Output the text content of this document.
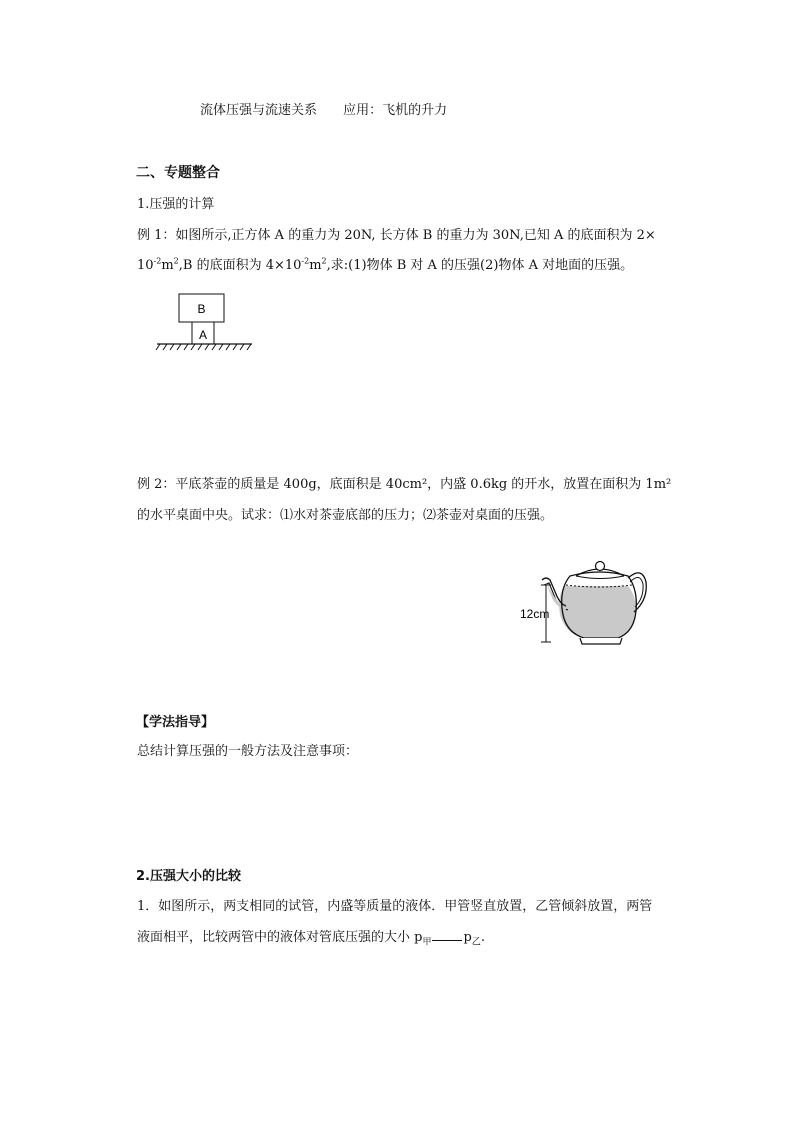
流体压强与流速关系 应用：飞机的升力
二、专题整合
1.压强的计算
例 1：如图所示,正方体 A 的重力为 20N, 长方体 B 的重力为 30N,已知 A 的底面积为 2×
$10^{-2}m^2,B$ 的底面积为 $4\times 10^{-2}m^2$,求:(1)物体 B 对 A 的压强(2)物体 A 对地面的压强。
B
A
例 2：平底茶壶的质量是 400g，底面积是 40cm²，内盛 0.6kg 的开水，放置在面积为 1m²
的水平桌面中央。试求：⑴水对茶壶底部的压力；⑵茶壶对桌面的压强。
12cm
【学法指导】
总结计算压强的一般方法及注意事项：
2.压强大小的比较
1．如图所示，两支相同的试管，内盛等质量的液体．甲管竖直放置，乙管倾斜放置，两管
液面相平，比较两管中的液体对管底压强的大小 $p_甲$ $p_乙$.
